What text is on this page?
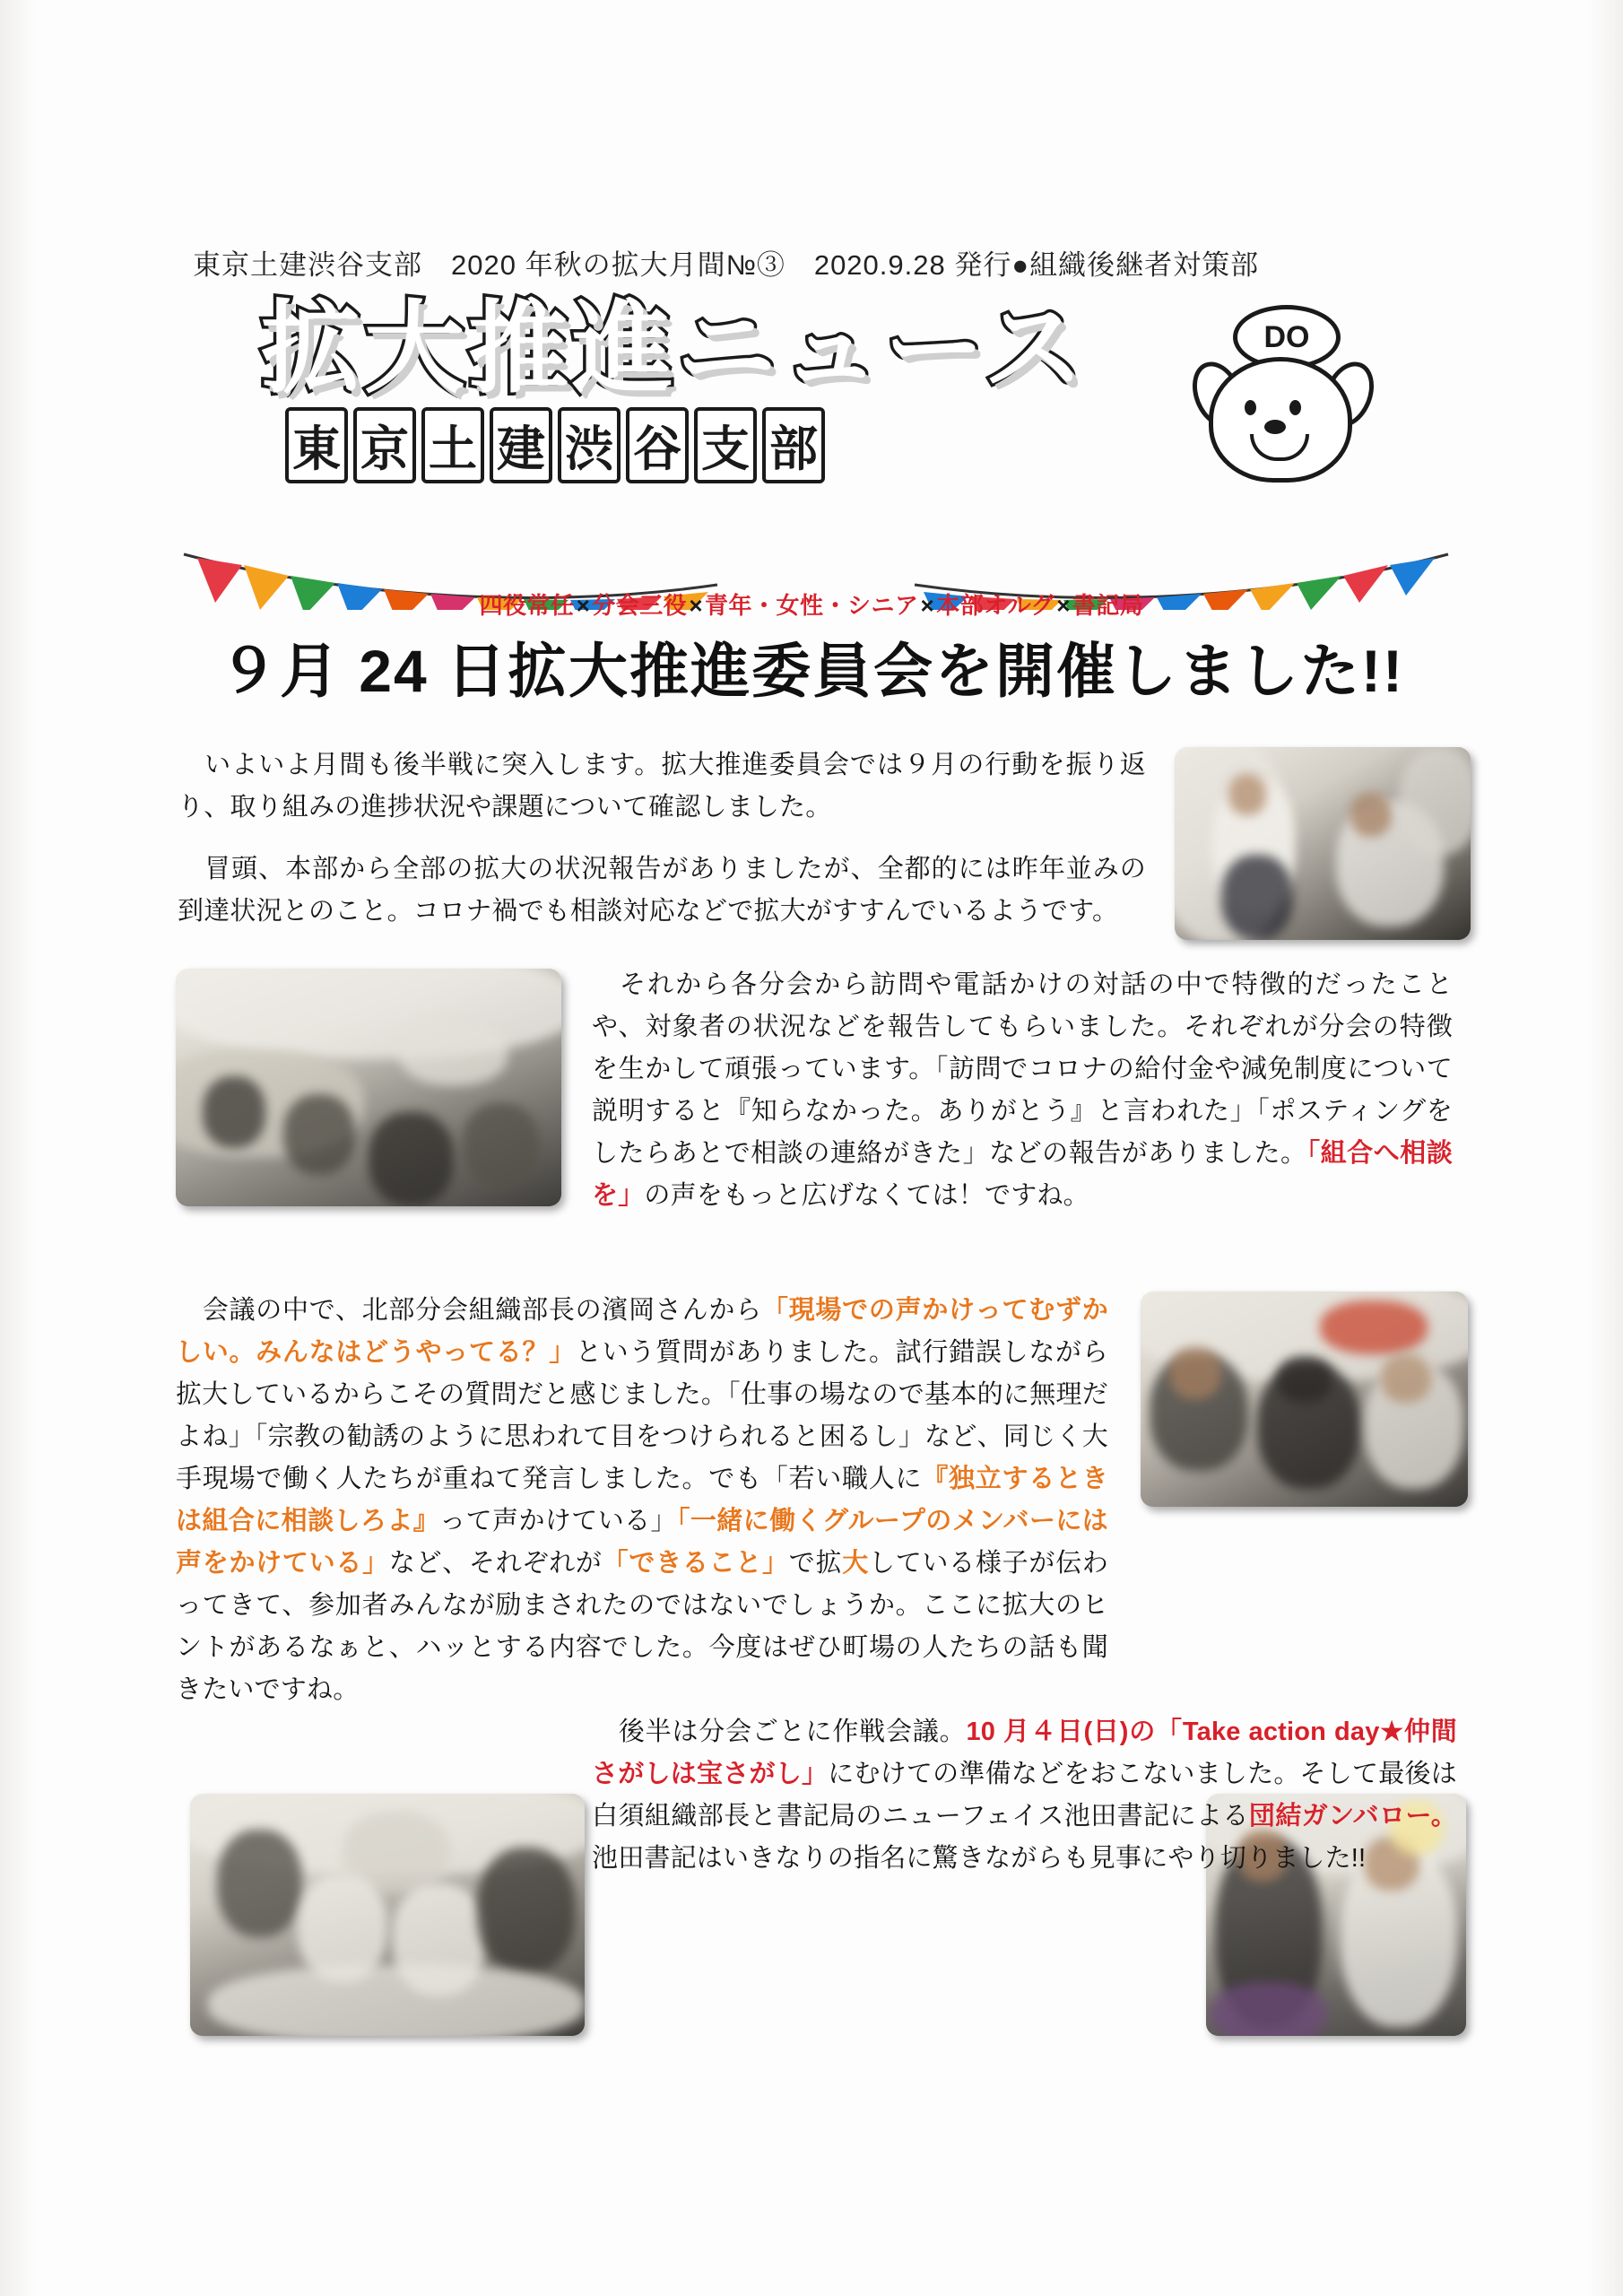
東京土建渋谷支部　2020 年秋の拡大月間№③　2020.9.28 発行●組織後継者対策部
拡大推進ニュース
東 京 土 建 渋 谷 支 部
DO
四役常任×分会三役×青年・女性・シニア×本部オルグ×書記局
９月 24 日拡大推進委員会を開催しました!!
　いよいよ月間も後半戦に突入します。拡大推進委員会では９月の行動を振り返り、取り組みの進捗状況や課題について確認しました。
　冒頭、本部から全部の拡大の状況報告がありましたが、全都的には昨年並みの到達状況とのこと。コロナ禍でも相談対応などで拡大がすすんでいるようです。
　それから各分会から訪問や電話かけの対話の中で特徴的だったことや、対象者の状況などを報告してもらいました。それぞれが分会の特徴を生かして頑張っています。「訪問でコロナの給付金や減免制度について説明すると『知らなかった。ありがとう』と言われた」「ポスティングをしたらあとで相談の連絡がきた」などの報告がありました。「組合へ相談を」の声をもっと広げなくては！ですね。
　会議の中で、北部分会組織部長の濱岡さんから「現場での声かけってむずかしい。みんなはどうやってる？」という質問がありました。試行錯誤しながら拡大しているからこその質問だと感じました。「仕事の場なので基本的に無理だよね」「宗教の勧誘のように思われて目をつけられると困るし」など、同じく大手現場で働く人たちが重ねて発言しました。でも「若い職人に『独立するときは組合に相談しろよ』って声かけている」「一緒に働くグループのメンバーには声をかけている」など、それぞれが「できること」で拡大している様子が伝わってきて、参加者みんなが励まされたのではないでしょうか。ここに拡大のヒントがあるなぁと、ハッとする内容でした。今度はぜひ町場の人たちの話も聞きたいですね。
　後半は分会ごとに作戦会議。10 月４日(日)の「Take action day★仲間さがしは宝さがし」にむけての準備などをおこないました。そして最後は白須組織部長と書記局のニューフェイス池田書記による団結ガンバロー。池田書記はいきなりの指名に驚きながらも見事にやり切りました!!
